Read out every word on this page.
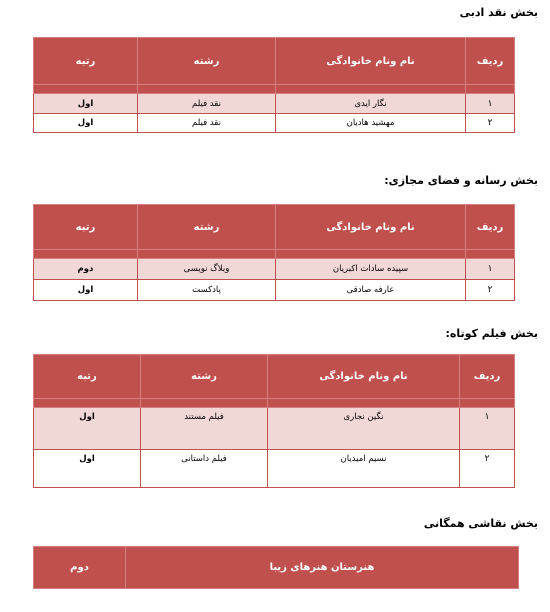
بخش نقد ادبی
ردیف	نام ونام خانوادگی	رشته	رتبه

۱	نگار ایدی	نقد فیلم	اول
۲	مهشید هادیان	نقد فیلم	اول
بخش رسانه و فضای مجازی:
ردیف	نام ونام خانوادگی	رشته	رتبه

۱	سپیده سادات اکبریان	وبلاگ نویسی	دوم
۲	عارفه صادقی	پادکست	اول
بخش فیلم کوتاه:
ردیف	نام ونام خانوادگی	رشته	رتبه

۱	نگین نجاری	فیلم مستند	اول
۲	نسیم امیدیان	فیلم داستانی	اول
بخش نقاشی همگانی
هنرستان هنرهای زیبا	دوم
